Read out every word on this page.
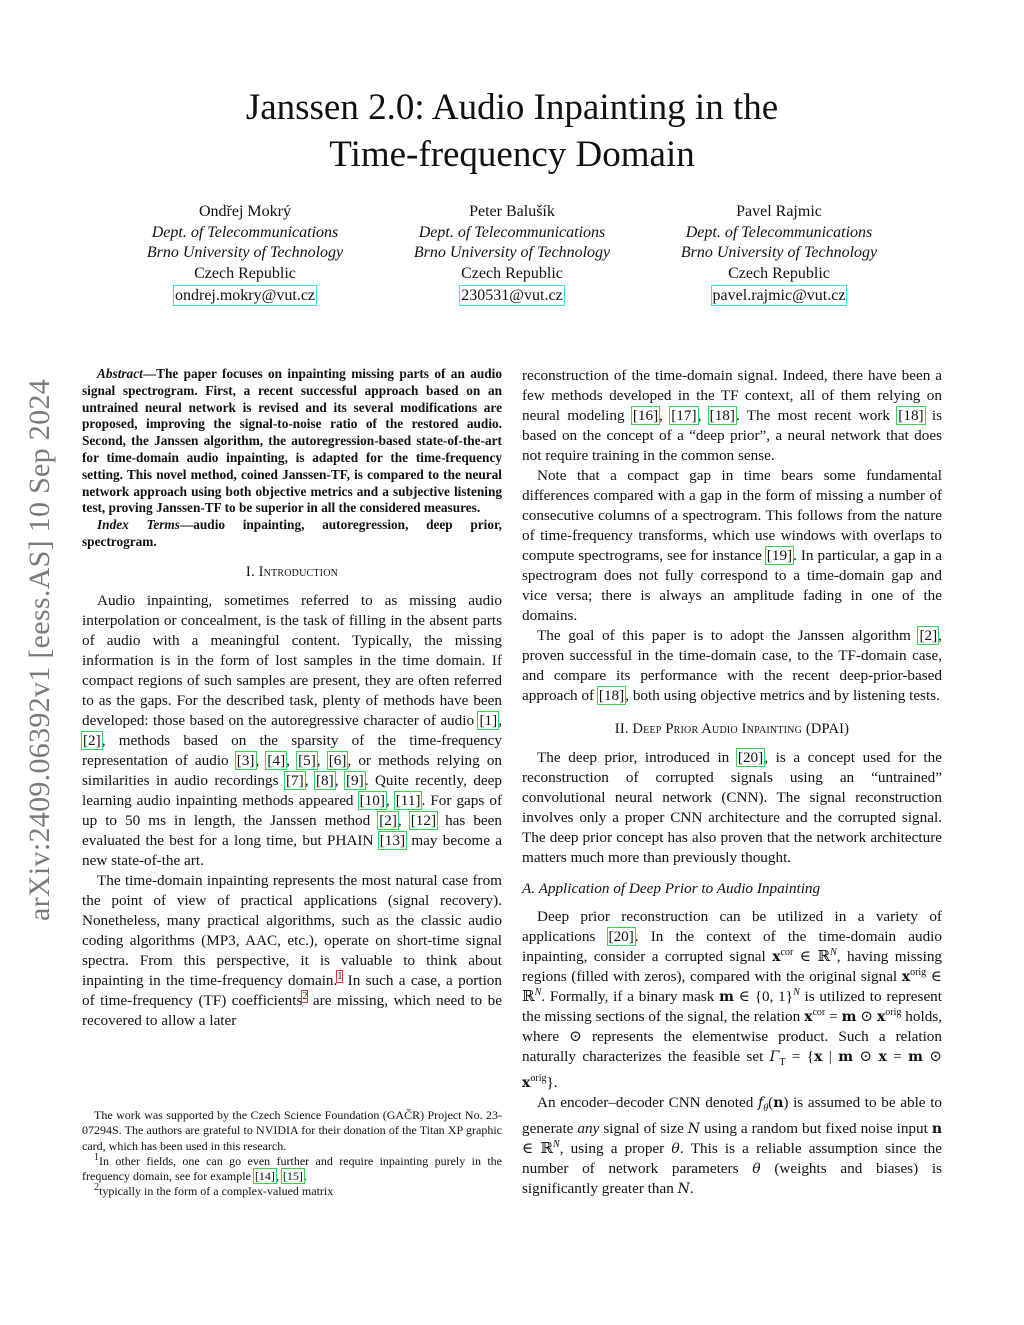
arXiv:2409.06392v1 [eess.AS] 10 Sep 2024
Janssen 2.0: Audio Inpainting in the
Time-frequency Domain
Ondřej Mokrý
Dept. of Telecommunications
Brno University of Technology
Czech Republic
ondrej.mokry@vut.cz
Peter Balušík
Dept. of Telecommunications
Brno University of Technology
Czech Republic
230531@vut.cz
Pavel Rajmic
Dept. of Telecommunications
Brno University of Technology
Czech Republic
pavel.rajmic@vut.cz

Abstract—The paper focuses on inpainting missing parts of an audio signal spectrogram. First, a recent successful approach based on an untrained neural network is revised and its several modifications are proposed, improving the signal-to-noise ratio of the restored audio. Second, the Janssen algorithm, the autoregression-based state-of-the-art for time-domain audio inpainting, is adapted for the time-frequency setting. This novel method, coined Janssen-TF, is compared to the neural network approach using both objective metrics and a subjective listening test, proving Janssen-TF to be superior in all the considered measures.

Index Terms—audio inpainting, autoregression, deep prior, spectrogram.

I. Introduction

Audio inpainting, sometimes referred to as missing audio interpolation or concealment, is the task of filling in the absent parts of audio with a meaningful content. Typically, the missing information is in the form of lost samples in the time domain. If compact regions of such samples are present, they are often referred to as the gaps. For the described task, plenty of methods have been developed: those based on the autoregressive character of audio [1], [2], methods based on the sparsity of the time-frequency representation of audio [3], [4], [5], [6], or methods relying on similarities in audio recordings [7], [8], [9]. Quite recently, deep learning audio inpainting methods appeared [10], [11]. For gaps of up to 50 ms in length, the Janssen method [2], [12] has been evaluated the best for a long time, but PHAIN [13] may become a new state-of-the art.

The time-domain inpainting represents the most natural case from the point of view of practical applications (signal recovery). Nonetheless, many practical algorithms, such as the classic audio coding algorithms (MP3, AAC, etc.), operate on short-time signal spectra. From this perspective, it is valuable to think about inpainting in the time-frequency domain.$^1$ In such a case, a portion of time-frequency (TF) coefficients$^2$ are missing, which need to be recovered to allow a later

The work was supported by the Czech Science Foundation (GAČR) Project No. 23-07294S. The authors are grateful to NVIDIA for their donation of the Titan XP graphic card, which has been used in this research.

$^1$In other fields, one can go even further and require inpainting purely in the frequency domain, see for example [14], [15].

$^2$typically in the form of a complex-valued matrix

reconstruction of the time-domain signal. Indeed, there have been a few methods developed in the TF context, all of them relying on neural modeling [16], [17], [18]. The most recent work [18] is based on the concept of a “deep prior”, a neural network that does not require training in the common sense.

Note that a compact gap in time bears some fundamental differences compared with a gap in the form of missing a number of consecutive columns of a spectrogram. This follows from the nature of time-frequency transforms, which use windows with overlaps to compute spectrograms, see for instance [19]. In particular, a gap in a spectrogram does not fully correspond to a time-domain gap and vice versa; there is always an amplitude fading in one of the domains.

The goal of this paper is to adopt the Janssen algorithm [2], proven successful in the time-domain case, to the TF-domain case, and compare its performance with the recent deep-prior-based approach of [18], both using objective metrics and by listening tests.

II. Deep Prior Audio Inpainting (DPAI)

The deep prior, introduced in [20], is a concept used for the reconstruction of corrupted signals using an “untrained” convolutional neural network (CNN). The signal reconstruction involves only a proper CNN architecture and the corrupted signal. The deep prior concept has also proven that the network architecture matters much more than previously thought.

A. Application of Deep Prior to Audio Inpainting

Deep prior reconstruction can be utilized in a variety of applications [20]. In the context of the time-domain audio inpainting, consider a corrupted signal $x^{cor}$ ∈ ℝ$^N$, having missing regions (filled with zeros), compared with the original signal $x^{orig}$ ∈ ℝ$^N$. Formally, if a binary mask m ∈ {0, 1}$^N$ is utilized to represent the missing sections of the signal, the relation $x^{cor} = m$ ⊙ $x^{orig}$ holds, where ⊙ represents the elementwise product. Such a relation naturally characterizes the feasible set $\Gamma_T = \{x$ | m ⊙ x = m ⊙ $x^{orig}$}.

An encoder–decoder CNN denoted $f_\theta(n)$ is assumed to be able to generate any signal of size N using a random but fixed noise input n ∈ ℝ$^N$, using a proper θ. This is a reliable assumption since the number of network parameters θ (weights and biases) is significantly greater than N.
